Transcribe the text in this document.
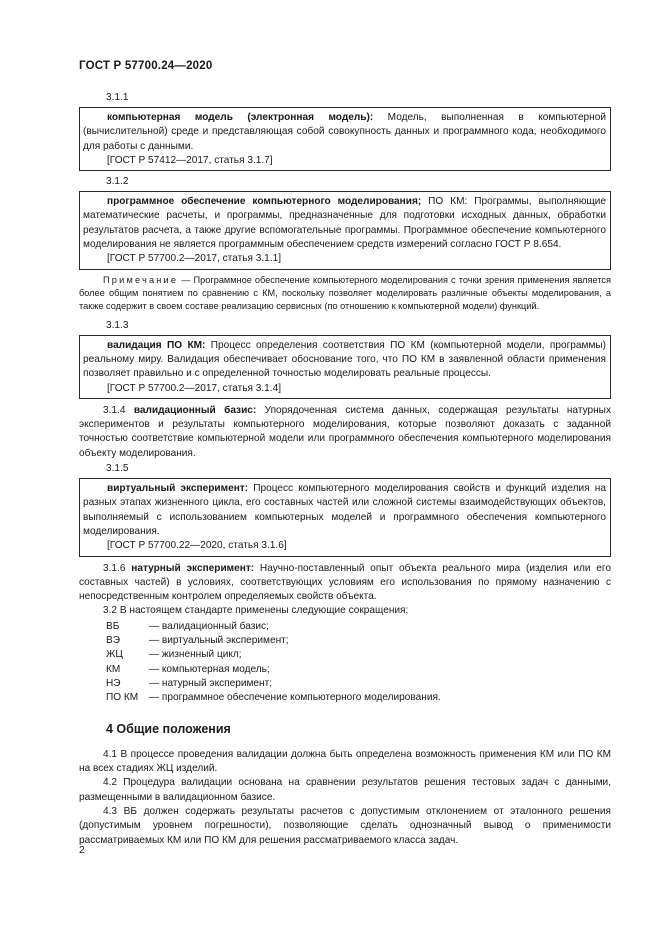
ГОСТ Р 57700.24—2020
3.1.1

компьютерная модель (электронная модель): Модель, выполненная в компьютерной (вычислительной) среде и представляющая собой совокупность данных и программного кода, необходимого для работы с данными.

[ГОСТ Р 57412—2017, статья 3.1.7]
3.1.2

программное обеспечение компьютерного моделирования; ПО КМ: Программы, выполняющие математические расчеты, и программы, предназначенные для подготовки исходных данных, обработки результатов расчета, а также другие вспомогательные программы. Программное обеспечение компьютерного моделирования не является программным обеспечением средств измерений согласно ГОСТ Р 8.654.

[ГОСТ Р 57700.2—2017, статья 3.1.1]
Примечание — Программное обеспечение компьютерного моделирования с точки зрения применения является более общим понятием по сравнению с КМ, поскольку позволяет моделировать различные объекты моделирования, а также содержит в своем составе реализацию сервисных (по отношению к компьютерной модели) функций.
3.1.3

валидация ПО КМ: Процесс определения соответствия ПО КМ (компьютерной модели, программы) реальному миру. Валидация обеспечивает обоснование того, что ПО КМ в заявленной области применения позволяет правильно и с определенной точностью моделировать реальные процессы.

[ГОСТ Р 57700.2—2017, статья 3.1.4]

3.1.4 валидационный базис: Упорядоченная система данных, содержащая результаты натурных экспериментов и результаты компьютерного моделирования, которые позволяют доказать с заданной точностью соответствие компьютерной модели или программного обеспечения компьютерного моделирования объекту моделирования.

3.1.5

виртуальный эксперимент: Процесс компьютерного моделирования свойств и функций изделия на разных этапах жизненного цикла, его составных частей или сложной системы взаимодействующих объектов, выполняемый с использованием компьютерных моделей и программного обеспечения компьютерного моделирования.

[ГОСТ Р 57700.22—2020, статья 3.1.6]

3.1.6 натурный эксперимент: Научно-поставленный опыт объекта реального мира (изделия или его составных частей) в условиях, соответствующих условиям его использования по прямому назначению с непосредственным контролем определяемых свойств объекта.

3.2 В настоящем стандарте применены следующие сокращения:

ВБ	— валидационный базис;
ВЭ	— виртуальный эксперимент;
ЖЦ	— жизненный цикл;
КМ	— компьютерная модель;
НЭ	— натурный эксперимент;
ПО КМ	— программное обеспечение компьютерного моделирования.
4 Общие положения

4.1 В процессе проведения валидации должна быть определена возможность применения КМ или ПО КМ на всех стадиях ЖЦ изделий.

4.2 Процедура валидации основана на сравнении результатов решения тестовых задач с данными, размещенными в валидационном базисе.

4.3 ВБ должен содержать результаты расчетов с допустимым отклонением от эталонного решения (допустимым уровнем погрешности), позволяющие сделать однозначный вывод о применимости рассматриваемых КМ или ПО КМ для решения рассматриваемого класса задач.

2
